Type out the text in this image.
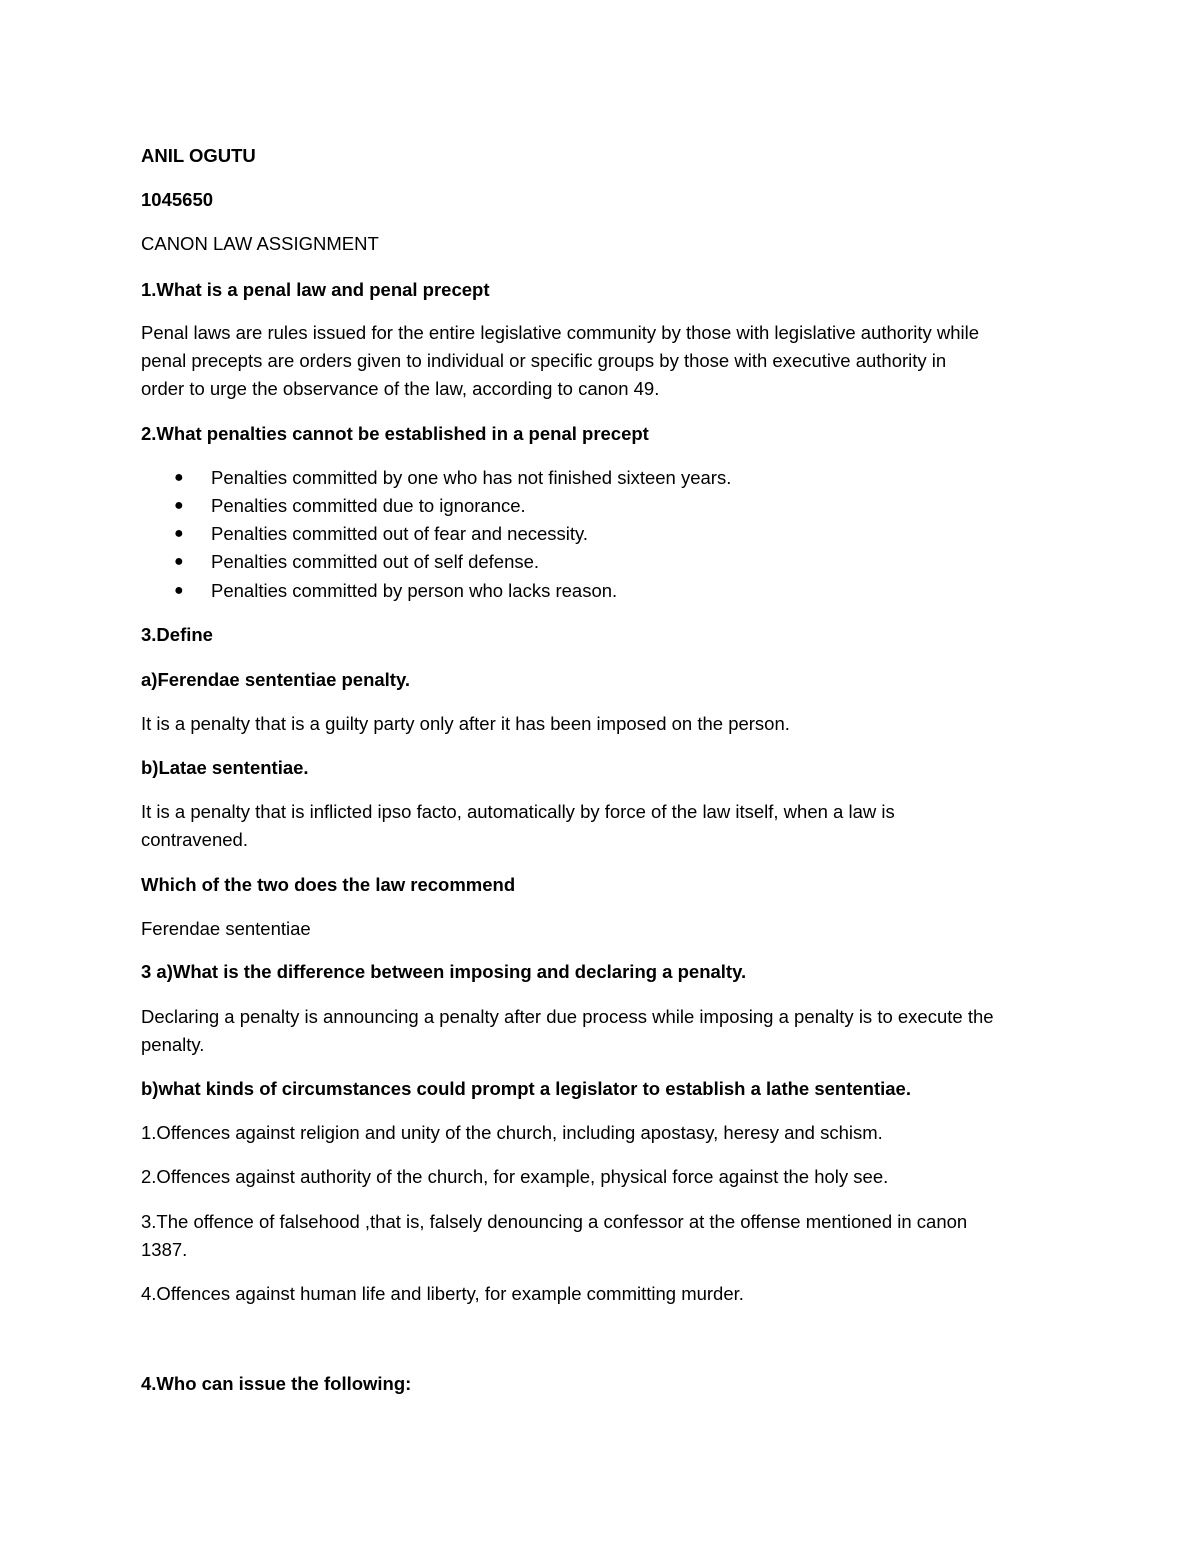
ANIL OGUTU

1045650

CANON LAW ASSIGNMENT

1.What is a penal law and penal precept

Penal laws are rules issued for the entire legislative community by those with legislative authority while

penal precepts are orders given to individual or specific groups by those with executive authority in

order to urge the observance of the law, according to canon 49.

2.What penalties cannot be established in a penal precept

● Penalties committed by one who has not finished sixteen years.

● Penalties committed due to ignorance.

● Penalties committed out of fear and necessity.

● Penalties committed out of self defense.

● Penalties committed by person who lacks reason.

3.Define

a)Ferendae sententiae penalty.

It is a penalty that is a guilty party only after it has been imposed on the person.

b)Latae sententiae.

It is a penalty that is inflicted ipso facto, automatically by force of the law itself, when a law is

contravened.

Which of the two does the law recommend

Ferendae sententiae

3 a)What is the difference between imposing and declaring a penalty.

Declaring a penalty is announcing a penalty after due process while imposing a penalty is to execute the

penalty.

b)what kinds of circumstances could prompt a legislator to establish a lathe sententiae.

1.Offences against religion and unity of the church, including apostasy, heresy and schism.

2.Offences against authority of the church, for example, physical force against the holy see.

3.The offence of falsehood ,that is, falsely denouncing a confessor at the offense mentioned in canon

1387.

4.Offences against human life and liberty, for example committing murder.

4.Who can issue the following:
